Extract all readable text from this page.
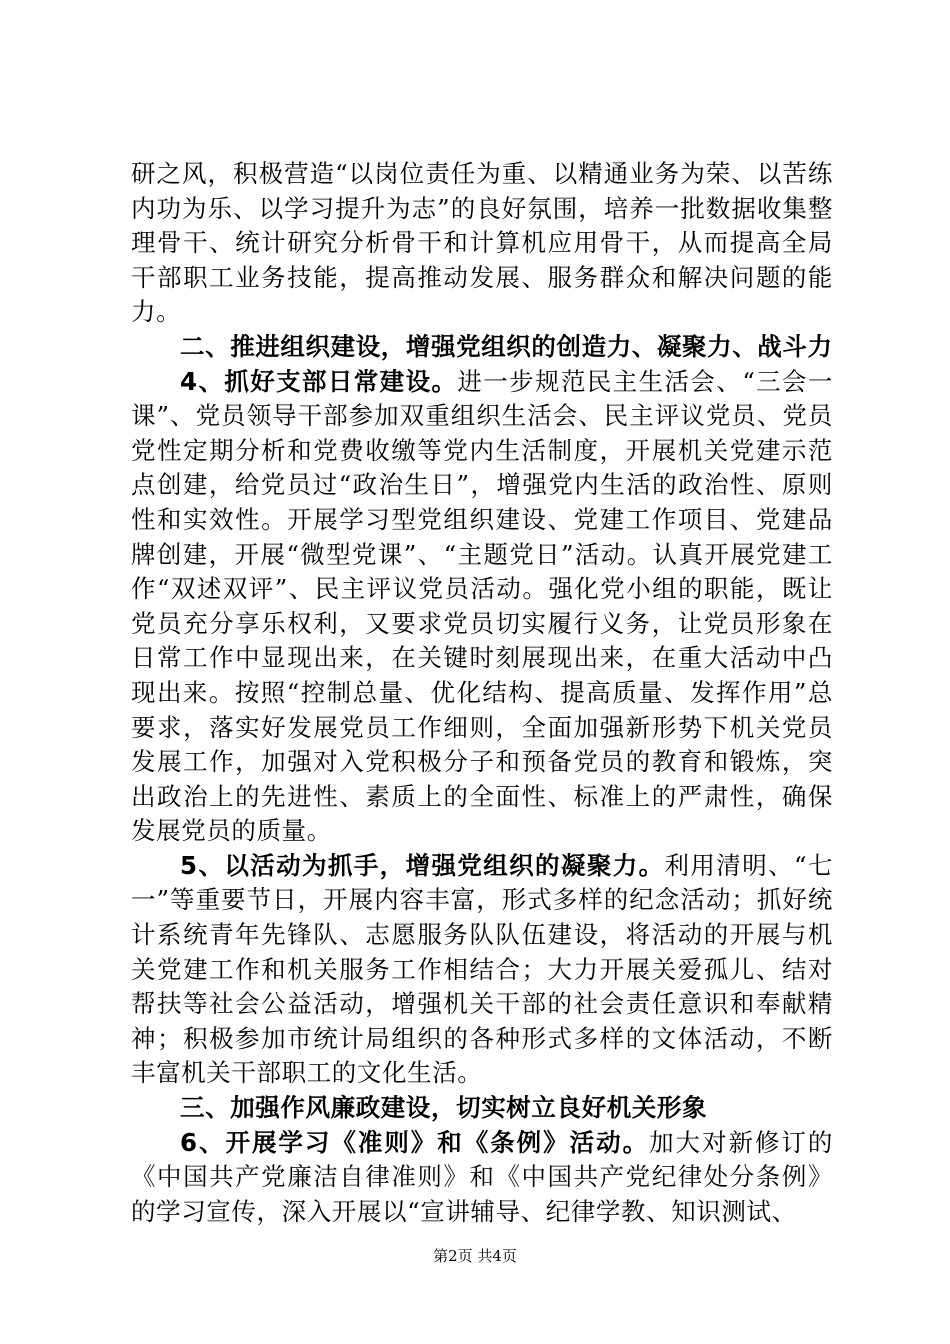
研之风，积极营造“以岗位责任为重、以精通业务为荣、以苦练内功为乐、以学习提升为志”的良好氛围，培养一批数据收集整理骨干、统计研究分析骨干和计算机应用骨干，从而提高全局干部职工业务技能，提高推动发展、服务群众和解决问题的能力。

二、推进组织建设，增强党组织的创造力、凝聚力、战斗力

4、抓好支部日常建设。进一步规范民主生活会、“三会一课”、党员领导干部参加双重组织生活会、民主评议党员、党员党性定期分析和党费收缴等党内生活制度，开展机关党建示范点创建，给党员过“政治生日”，增强党内生活的政治性、原则性和实效性。开展学习型党组织建设、党建工作项目、党建品牌创建，开展“微型党课”、“主题党日”活动。认真开展党建工作“双述双评”、民主评议党员活动。强化党小组的职能，既让党员充分享乐权利，又要求党员切实履行义务，让党员形象在日常工作中显现出来，在关键时刻展现出来，在重大活动中凸现出来。按照“控制总量、优化结构、提高质量、发挥作用”总要求，落实好发展党员工作细则，全面加强新形势下机关党员发展工作，加强对入党积极分子和预备党员的教育和锻炼，突出政治上的先进性、素质上的全面性、标准上的严肃性，确保发展党员的质量。

5、以活动为抓手，增强党组织的凝聚力。利用清明、“七一”等重要节日，开展内容丰富，形式多样的纪念活动；抓好统计系统青年先锋队、志愿服务队队伍建设，将活动的开展与机关党建工作和机关服务工作相结合；大力开展关爱孤儿、结对帮扶等社会公益活动，增强机关干部的社会责任意识和奉献精神；积极参加市统计局组织的各种形式多样的文体活动，不断丰富机关干部职工的文化生活。

三、加强作风廉政建设，切实树立良好机关形象

6、开展学习《准则》和《条例》活动。加大对新修订的《中国共产党廉洁自律准则》和《中国共产党纪律处分条例》的学习宣传，深入开展以“宣讲辅导、纪律学教、知识测试、

第2页 共4页
